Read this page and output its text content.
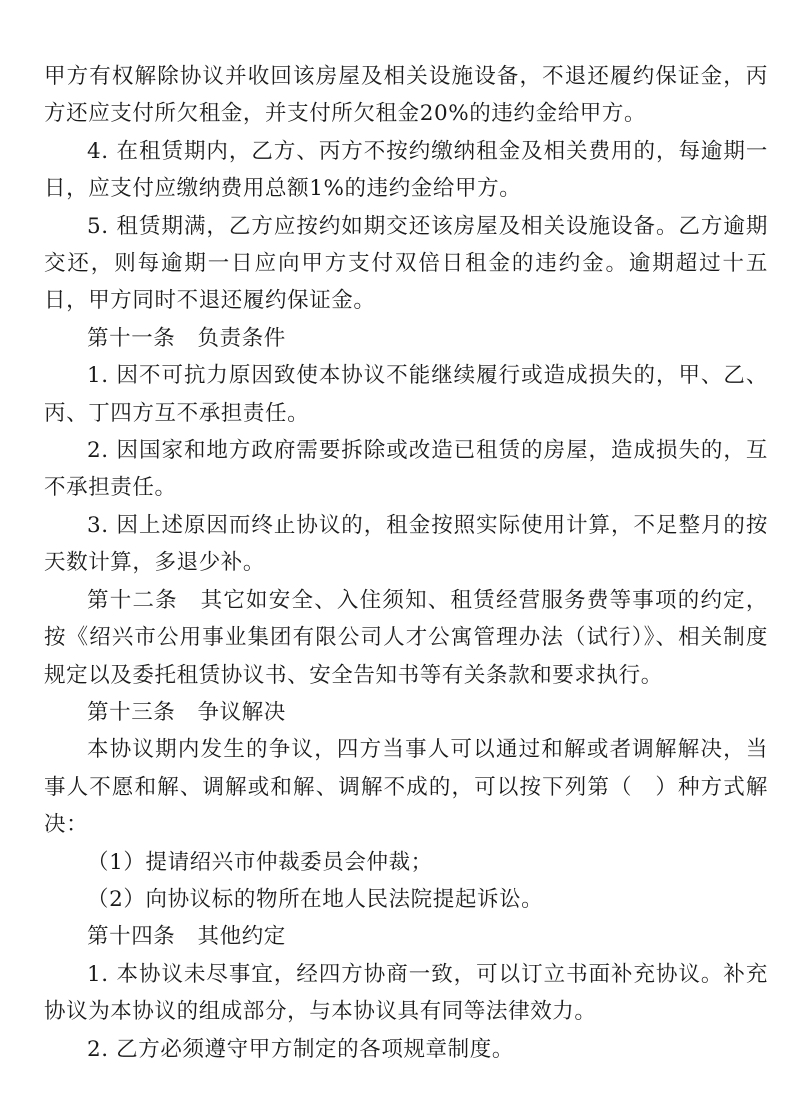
甲方有权解除协议并收回该房屋及相关设施设备，不退还履约保证金，丙方还应支付所欠租金，并支付所欠租金20%的违约金给甲方。

4. 在租赁期内，乙方、丙方不按约缴纳租金及相关费用的，每逾期一日，应支付应缴纳费用总额1%的违约金给甲方。

5. 租赁期满，乙方应按约如期交还该房屋及相关设施设备。乙方逾期交还，则每逾期一日应向甲方支付双倍日租金的违约金。逾期超过十五日，甲方同时不退还履约保证金。

第十一条　负责条件

1. 因不可抗力原因致使本协议不能继续履行或造成损失的，甲、乙、丙、丁四方互不承担责任。

2. 因国家和地方政府需要拆除或改造已租赁的房屋，造成损失的，互不承担责任。

3. 因上述原因而终止协议的，租金按照实际使用计算，不足整月的按天数计算，多退少补。

第十二条　其它如安全、入住须知、租赁经营服务费等事项的约定，按《绍兴市公用事业集团有限公司人才公寓管理办法（试行）》、相关制度规定以及委托租赁协议书、安全告知书等有关条款和要求执行。

第十三条　争议解决

本协议期内发生的争议，四方当事人可以通过和解或者调解解决，当事人不愿和解、调解或和解、调解不成的，可以按下列第（　）种方式解决：

（1）提请绍兴市仲裁委员会仲裁；

（2）向协议标的物所在地人民法院提起诉讼。

第十四条　其他约定

1. 本协议未尽事宜，经四方协商一致，可以订立书面补充协议。补充协议为本协议的组成部分，与本协议具有同等法律效力。

2. 乙方必须遵守甲方制定的各项规章制度。
